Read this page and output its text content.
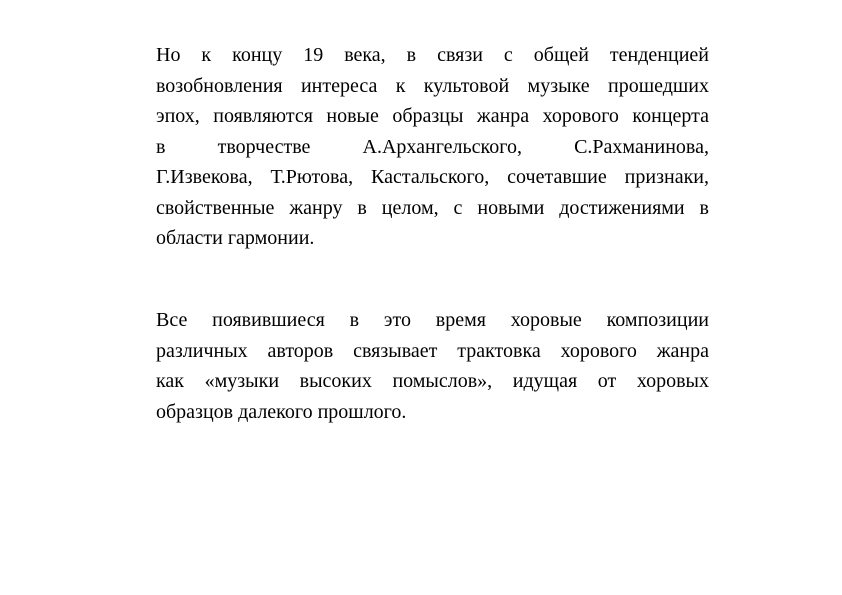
Но к концу 19 века, в связи с общей тенденцией
возобновления интереса к культовой музыке прошедших
эпох, появляются новые образцы жанра хорового концерта
в творчестве А.Архангельского, С.Рахманинова,
Г.Извекова, Т.Рютова, Кастальского, сочетавшие признаки,
свойственные жанру в целом, с новыми достижениями в
области гармонии.
Все появившиеся в это время хоровые композиции
различных авторов связывает трактовка хорового жанра
как «музыки высоких помыслов», идущая от хоровых
образцов далекого прошлого.
